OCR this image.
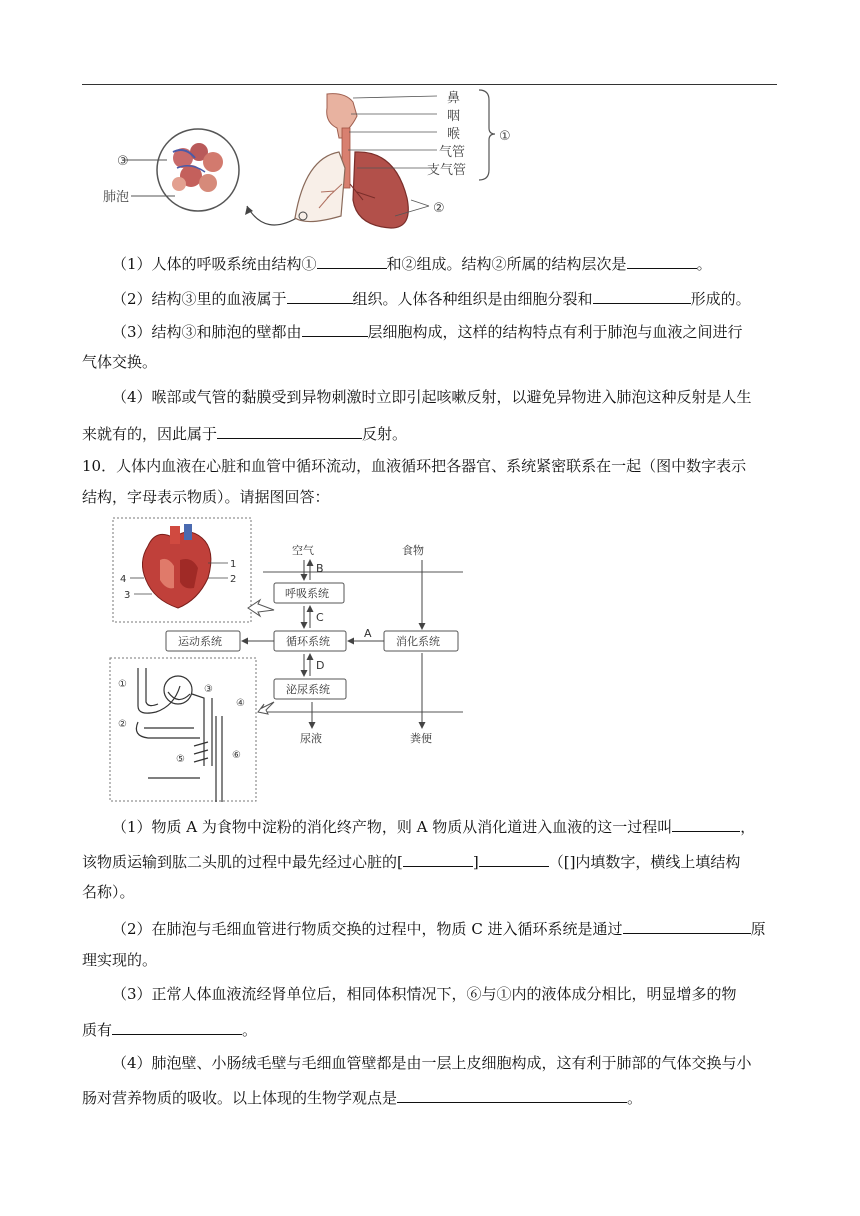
③
肺泡
鼻
咽
喉
气管
支气管
①
②
（1）人体的呼吸系统由结构①	和②组成。结构②所属的结构层次是	。
（2）结构③里的血液属于	组织。人体各种组织是由细胞分裂和	形成的。
（3）结构③和肺泡的壁都由	层细胞构成，这样的结构特点有利于肺泡与血液之间进行
气体交换。
（4）喉部或气管的黏膜受到异物刺激时立即引起咳嗽反射，以避免异物进入肺泡这种反射是人生
来就有的，因此属于	反射。
10．人体内血液在心脏和血管中循环流动，血液循环把各器官、系统紧密联系在一起（图中数字表示
结构，字母表示物质）。请据图回答：
1
2
3
4
①
②
③
④
⑤	⑥
空气	食物
B
呼吸系统
C
循环系统
运动系统	消化系统
A
D
泌尿系统
尿液	粪便
（1）物质 A 为食物中淀粉的消化终产物，则 A 物质从消化道进入血液的这一过程叫	，
该物质运输到肱二头肌的过程中最先经过心脏的[	]	（[]内填数字，横线上填结构
名称）。
（2）在肺泡与毛细血管进行物质交换的过程中，物质 C 进入循环系统是通过	原
理实现的。
（3）正常人体血液流经肾单位后，相同体积情况下，⑥与①内的液体成分相比，明显增多的物
质有	。
（4）肺泡壁、小肠绒毛壁与毛细血管壁都是由一层上皮细胞构成，这有利于肺部的气体交换与小
肠对营养物质的吸收。以上体现的生物学观点是	。
